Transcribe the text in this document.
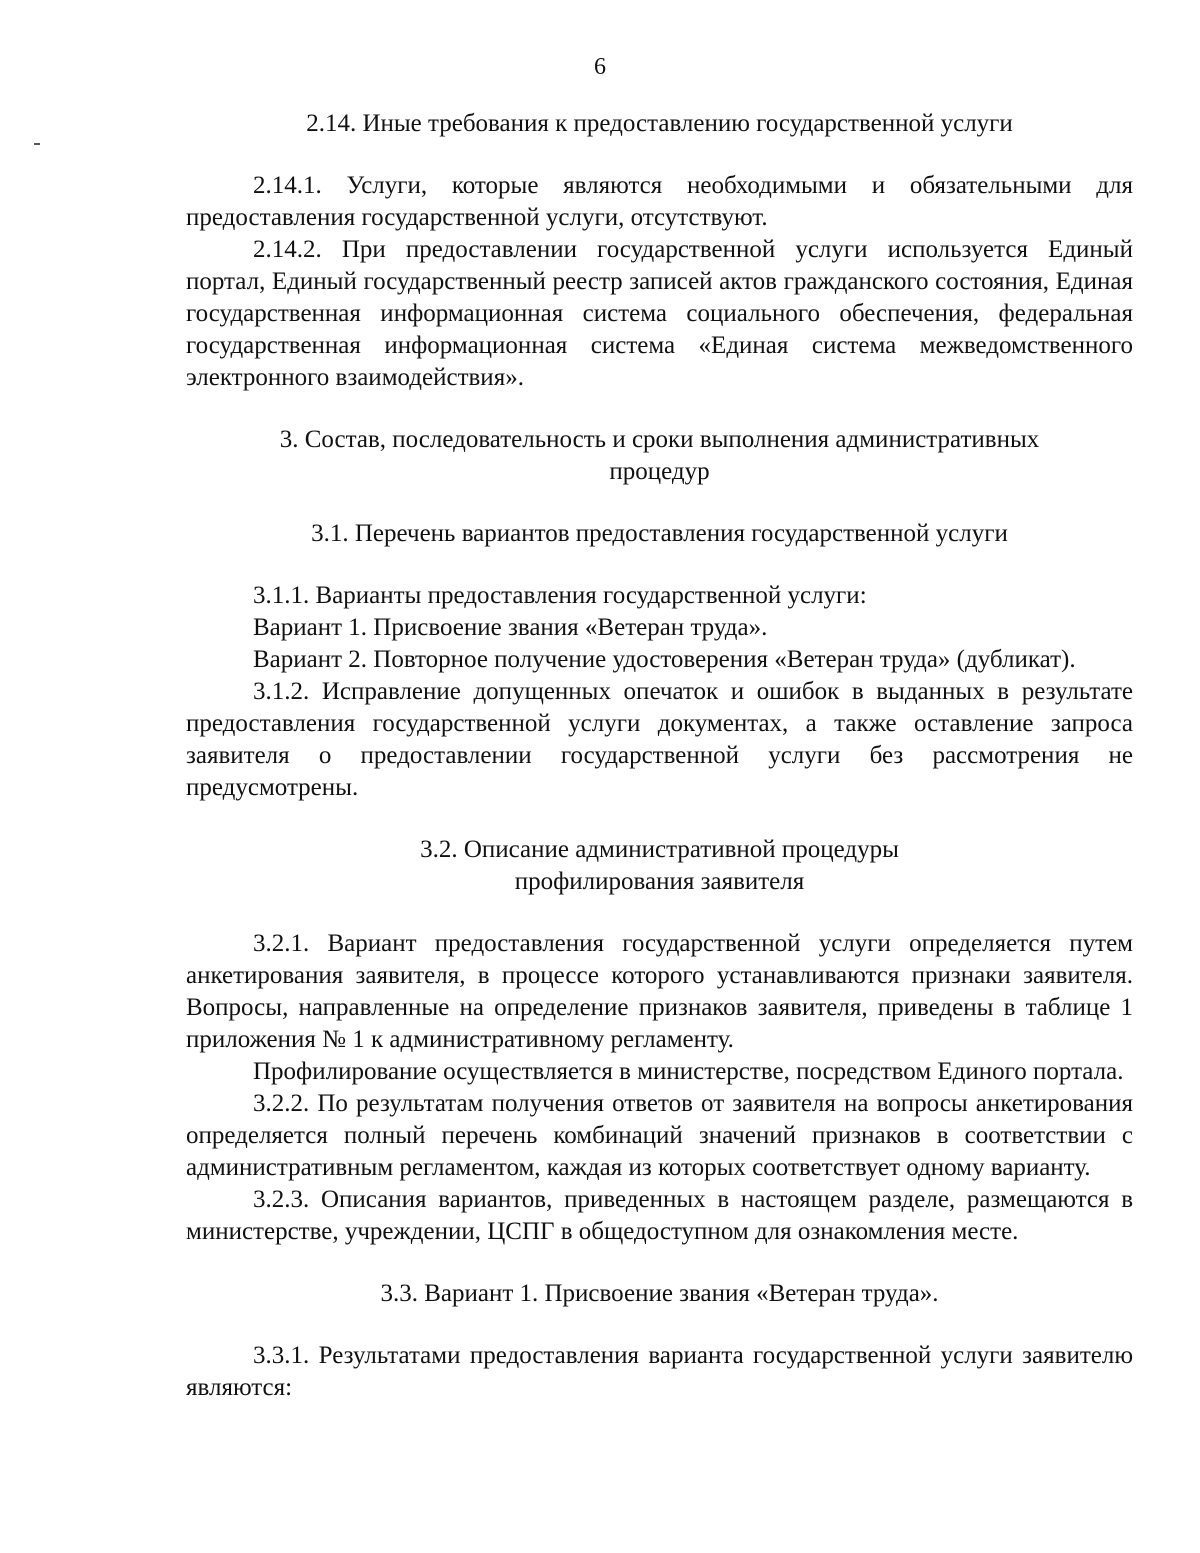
6

2.14. Иные требования к предоставлению государственной услуги

2.14.1. Услуги, которые являются необходимыми и обязательными для предоставления государственной услуги, отсутствуют.

2.14.2. При предоставлении государственной услуги используется Единый портал, Единый государственный реестр записей актов гражданского состояния, Единая государственная информационная система социального обеспечения, федеральная государственная информационная система «Единая система межведомственного электронного взаимодействия».

3. Состав, последовательность и сроки выполнения административных

процедур

3.1. Перечень вариантов предоставления государственной услуги

3.1.1. Варианты предоставления государственной услуги:

Вариант 1. Присвоение звания «Ветеран труда».

Вариант 2. Повторное получение удостоверения «Ветеран труда» (дубликат).

3.1.2. Исправление допущенных опечаток и ошибок в выданных в результате предоставления государственной услуги документах, а также оставление запроса заявителя о предоставлении государственной услуги без рассмотрения не предусмотрены.

3.2. Описание административной процедуры

профилирования заявителя

3.2.1. Вариант предоставления государственной услуги определяется путем анкетирования заявителя, в процессе которого устанавливаются признаки заявителя. Вопросы, направленные на определение признаков заявителя, приведены в таблице 1 приложения № 1 к административному регламенту.

Профилирование осуществляется в министерстве, посредством Единого портала.

3.2.2. По результатам получения ответов от заявителя на вопросы анкетирования определяется полный перечень комбинаций значений признаков в соответствии с административным регламентом, каждая из которых соответствует одному варианту.

3.2.3. Описания вариантов, приведенных в настоящем разделе, размещаются в министерстве, учреждении, ЦСПГ в общедоступном для ознакомления месте.

3.3. Вариант 1. Присвоение звания «Ветеран труда».

3.3.1. Результатами предоставления варианта государственной услуги заявителю являются:
